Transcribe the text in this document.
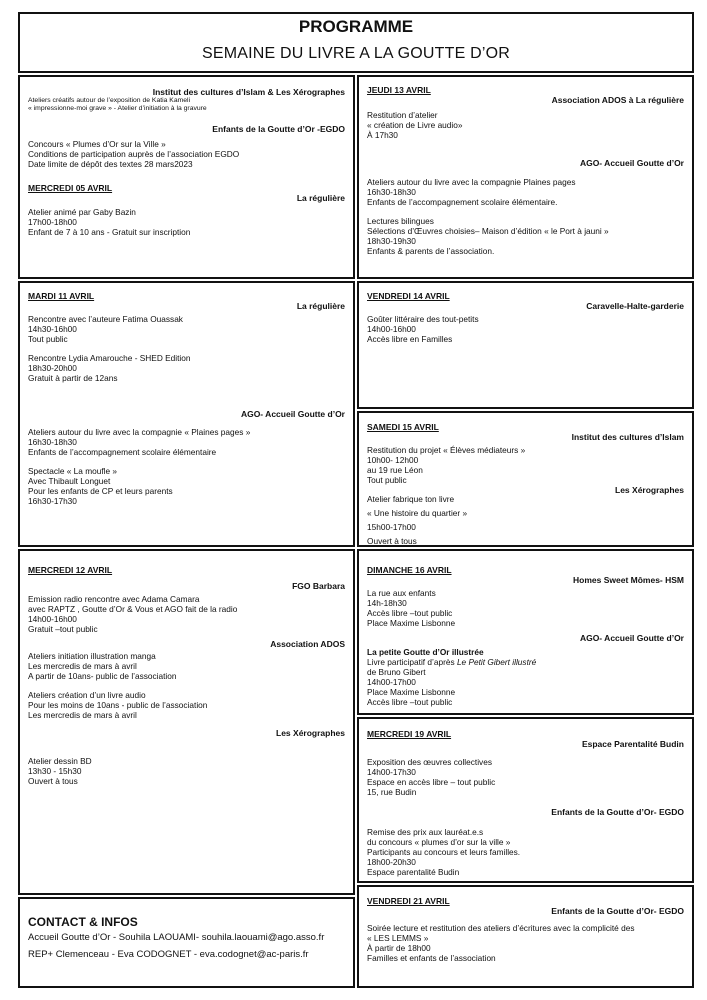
PROGRAMME
SEMAINE DU LIVRE A LA GOUTTE D’OR
Institut des cultures d’Islam & Les Xérographes
Ateliers créatifs autour de l’exposition de Katia Kameli
« impressionne-moi grave » - Atelier d’initiation à la gravure
Enfants de la Goutte d’Or -EGDO
Concours « Plumes d’Or sur la Ville »
Conditions de participation auprès de l’association EGDO
Date limite de dépôt des textes 28 mars2023
MERCREDI 05 AVRIL
La régulière
Atelier animé par Gaby Bazin
17h00-18h00
Enfant de 7 à 10 ans - Gratuit sur inscription
MARDI 11 AVRIL
La régulière
Rencontre avec l’auteure Fatima Ouassak
14h30-16h00
Tout public
Rencontre Lydia Amarouche - SHED Edition
18h30-20h00
Gratuit à partir de 12ans
AGO- Accueil Goutte d’Or
Ateliers autour du livre avec la compagnie « Plaines pages »
16h30-18h30
Enfants de l’accompagnement scolaire élémentaire
Spectacle « La moufle »
Avec Thibault Longuet
Pour les enfants de CP et leurs parents
16h30-17h30
MERCREDI 12 AVRIL
FGO Barbara
Emission radio rencontre avec Adama Camara
avec RAPTZ , Goutte d’Or & Vous et AGO fait de la radio
14h00-16h00
Gratuit –tout public
Association ADOS
Ateliers initiation illustration manga
Les mercredis de mars à avril
A partir de 10ans- public de l’association
Ateliers création d’un livre audio
Pour les moins de 10ans - public de l’association
Les mercredis de mars à avril
Les Xérographes
Atelier dessin BD
13h30 - 15h30
Ouvert à tous
CONTACT & INFOS
Accueil Goutte d’Or - Souhila LAOUAMI- souhila.laouami@ago.asso.fr
REP+ Clemenceau - Eva CODOGNET - eva.codognet@ac-paris.fr
JEUDI 13 AVRIL
Association ADOS à La régulière
Restitution d’atelier
« création de Livre audio»
À 17h30
AGO- Accueil Goutte d’Or
Ateliers autour du livre avec la compagnie Plaines pages
16h30-18h30
Enfants de l’accompagnement scolaire élémentaire.
Lectures bilingues
Sélections d’Œuvres choisies– Maison d’édition « le Port à jauni »
18h30-19h30
Enfants & parents de l’association.
VENDREDI 14 AVRIL
Caravelle-Halte-garderie
Goûter littéraire des tout-petits
14h00-16h00
Accès libre en Familles
SAMEDI 15 AVRIL
Institut des cultures d’Islam
Restitution du projet « Élèves médiateurs »
10h00- 12h00
au 19 rue Léon
Tout public
Les Xérographes
Atelier fabrique ton livre
« Une histoire du quartier »
15h00-17h00
Ouvert à tous
DIMANCHE 16 AVRIL
Homes Sweet Mômes- HSM
La rue aux enfants
14h-18h30
Accès libre –tout public
Place Maxime Lisbonne
AGO- Accueil Goutte d’Or
La petite Goutte d’Or illustrée
Livre participatif d’après Le Petit Gibert illustré
de Bruno Gibert
14h00-17h00
Place Maxime Lisbonne
Accès libre –tout public
MERCREDI 19 AVRIL
Espace Parentalité Budin
Exposition des œuvres collectives
14h00-17h30
Espace en accès libre – tout public
15, rue Budin
Enfants de la Goutte d’Or- EGDO
Remise des prix aux lauréat.e.s
du concours « plumes d’or sur la ville »
Participants au concours et leurs familles.
18h00-20h30
Espace parentalité Budin
VENDREDI 21 AVRIL
Enfants de la Goutte d’Or- EGDO
Soirée lecture et restitution des ateliers d’écritures avec la complicité des
« LES LEMMS »
À partir de 18h00
Familles et enfants de l’association
